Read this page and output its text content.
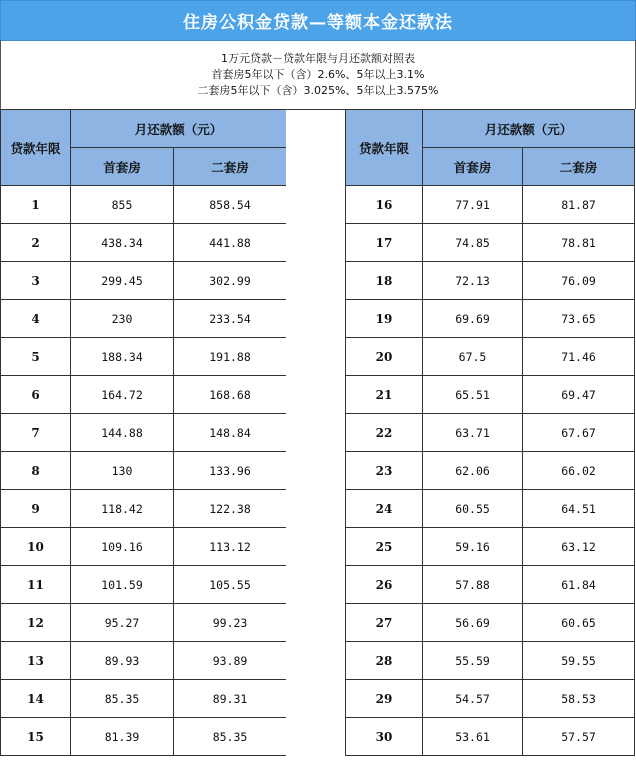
住房公积金贷款—等额本金还款法
1万元贷款－贷款年限与月还款额对照表
首套房5年以下（含）2.6%、5年以上3.1%
二套房5年以下（含）3.025%、5年以上3.575%
贷款年限	月还款额（元）	
	首套房	二套房
1	855	858.54
2	438.34	441.88
3	299.45	302.99
4	230	233.54
5	188.34	191.88
6	164.72	168.68
7	144.88	148.84
8	130	133.96
9	118.42	122.38
10	109.16	113.12
11	101.59	105.55
12	95.27	99.23
13	89.93	93.89
14	85.35	89.31
15	81.39	85.35
贷款年限	月还款额（元）	
	首套房	二套房
16	77.91	81.87
17	74.85	78.81
18	72.13	76.09
19	69.69	73.65
20	67.5	71.46
21	65.51	69.47
22	63.71	67.67
23	62.06	66.02
24	60.55	64.51
25	59.16	63.12
26	57.88	61.84
27	56.69	60.65
28	55.59	59.55
29	54.57	58.53
30	53.61	57.57
